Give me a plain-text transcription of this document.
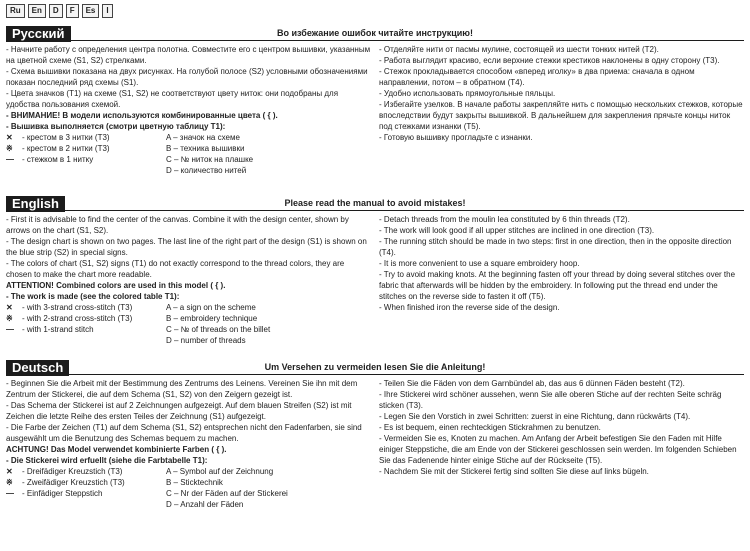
Ru	En	D	F	Es	I
Во избежание ошибок читайте инструкцию!
Русский

- Начните работу с определения центра полотна. Совместите его с центром вышивки, указанным на цветной схеме (S1, S2) стрелками.

- Схема вышивки показана на двух рисунках. На голубой полосе (S2) условными обозначениями показан последний ряд схемы (S1).

- Цвета значков (T1) на схеме (S1, S2) не соответствуют цвету ниток: они подобраны для удобства пользования схемой.

- ВНИМАНИЕ! В модели используются комбинированные цвета ( { ).

- Вышивка выполняется (смотри цветную таблицу T1):

✕ - крестом в 3 нитки (T3)	A – значок на схеме
※ - крестом в 2 нитки (T3)	B – техника вышивки
— - стежком в 1 нитку	C – № ниток на плашке
D – количество нитей

- Отделяйте нити от пасмы мулине, состоящей из шести тонких нитей (T2).

- Работа выглядит красиво, если верхние стежки крестиков наклонены в одну сторону (T3).

- Стежок прокладывается способом «вперед иголку» в два приема: сначала в одном направлении, потом – в обратном (T4).

- Удобно использовать прямоугольные пяльцы.

- Избегайте узелков. В начале работы закрепляйте нить с помощью нескольких стежков, которые впоследствии будут закрыты вышивкой. В дальнейшем для закрепления прячьте концы ниток под стежками изнанки (T5).

- Готовую вышивку прогладьте с изнанки.

Please read the manual to avoid mistakes!
English

- First it is advisable to find the center of the canvas. Combine it with the design center, shown by arrows on the chart (S1, S2).

- The design chart is shown on two pages. The last line of the right part of the design (S1) is shown on the blue strip (S2) in special signs.

- The colors of chart (S1, S2) signs (T1) do not exactly correspond to the thread colors, they are chosen to make the chart more readable.

ATTENTION! Combined colors are used in this model ( { ).

- The work is made (see the colored table T1):

✕ - with 3-strand cross-stitch (T3)	A – a sign on the scheme
※ - with 2-strand cross-stitch (T3)	B – embroidery technique
— - with 1-strand stitch	C – № of threads on the billet
D – number of threads

- Detach threads from the moulin lea constituted by 6 thin threads (T2).

- The work will look good if all upper stitches are inclined in one direction (T3).

- The running stitch should be made in two steps: first in one direction, then in the opposite direction (T4).

- It is more convenient to use a square embroidery hoop.

- Try to avoid making knots. At the beginning fasten off your thread by doing several stitches over the fabric that afterwards will be hidden by the embroidery. In following put the thread end under the stitches on the reverse side to fasten it off (T5).

- When finished iron the reverse side of the design.

Um Versehen zu vermeiden lesen Sie die Anleitung!
Deutsch

- Beginnen Sie die Arbeit mit der Bestimmung des Zentrums des Leinens. Vereinen Sie ihn mit dem Zentrum der Stickerei, die auf dem Schema (S1, S2) von den Zeigern gezeigt ist.

- Das Schema der Stickerei ist auf 2 Zeichnungen aufgezeigt. Auf dem blauen Streifen (S2) ist mit Zeichen die letzte Reihe des ersten Teiles der Zeichnung (S1) aufgezeigt.

- Die Farbe der Zeichen (T1) auf dem Schema (S1, S2) entsprechen nicht den Fadenfarben, sie sind ausgewählt um die Benutzung des Schemas bequem zu machen.

ACHTUNG! Das Model verwendet kombinierte Farben ( { ).

- Die Stickerei wird erfuellt (siehe die Farbtabelle T1):

✕ - Dreifädiger Kreuzstich (T3)	A – Symbol auf der Zeichnung
※ - Zweifädiger Kreuzstich (T3)	B – Sticktechnik
— - Einfädiger Steppstich	C – Nr der Fäden auf der Stickerei
D – Anzahl der Fäden

- Teilen Sie die Fäden von dem Garnbündel ab, das aus 6 dünnen Fäden besteht (T2).

- Ihre Stickerei wird schöner aussehen, wenn Sie alle oberen Stiche auf der rechten Seite schräg sticken (T3).

- Legen Sie den Vorstich in zwei Schritten: zuerst in eine Richtung, dann rückwärts (T4).

- Es ist bequem, einen rechteckigen Stickrahmen zu benutzen.

- Vermeiden Sie es, Knoten zu machen. Am Anfang der Arbeit befestigen Sie den Faden mit Hilfe einiger Steppstiche, die am Ende von der Stickerei geschlossen sein werden. Im folgenden Schieben Sie das Fadenende hinter einige Stiche auf der Rückseite (T5).

- Nachdem Sie mit der Stickerei fertig sind sollten Sie diese auf links bügeln.
